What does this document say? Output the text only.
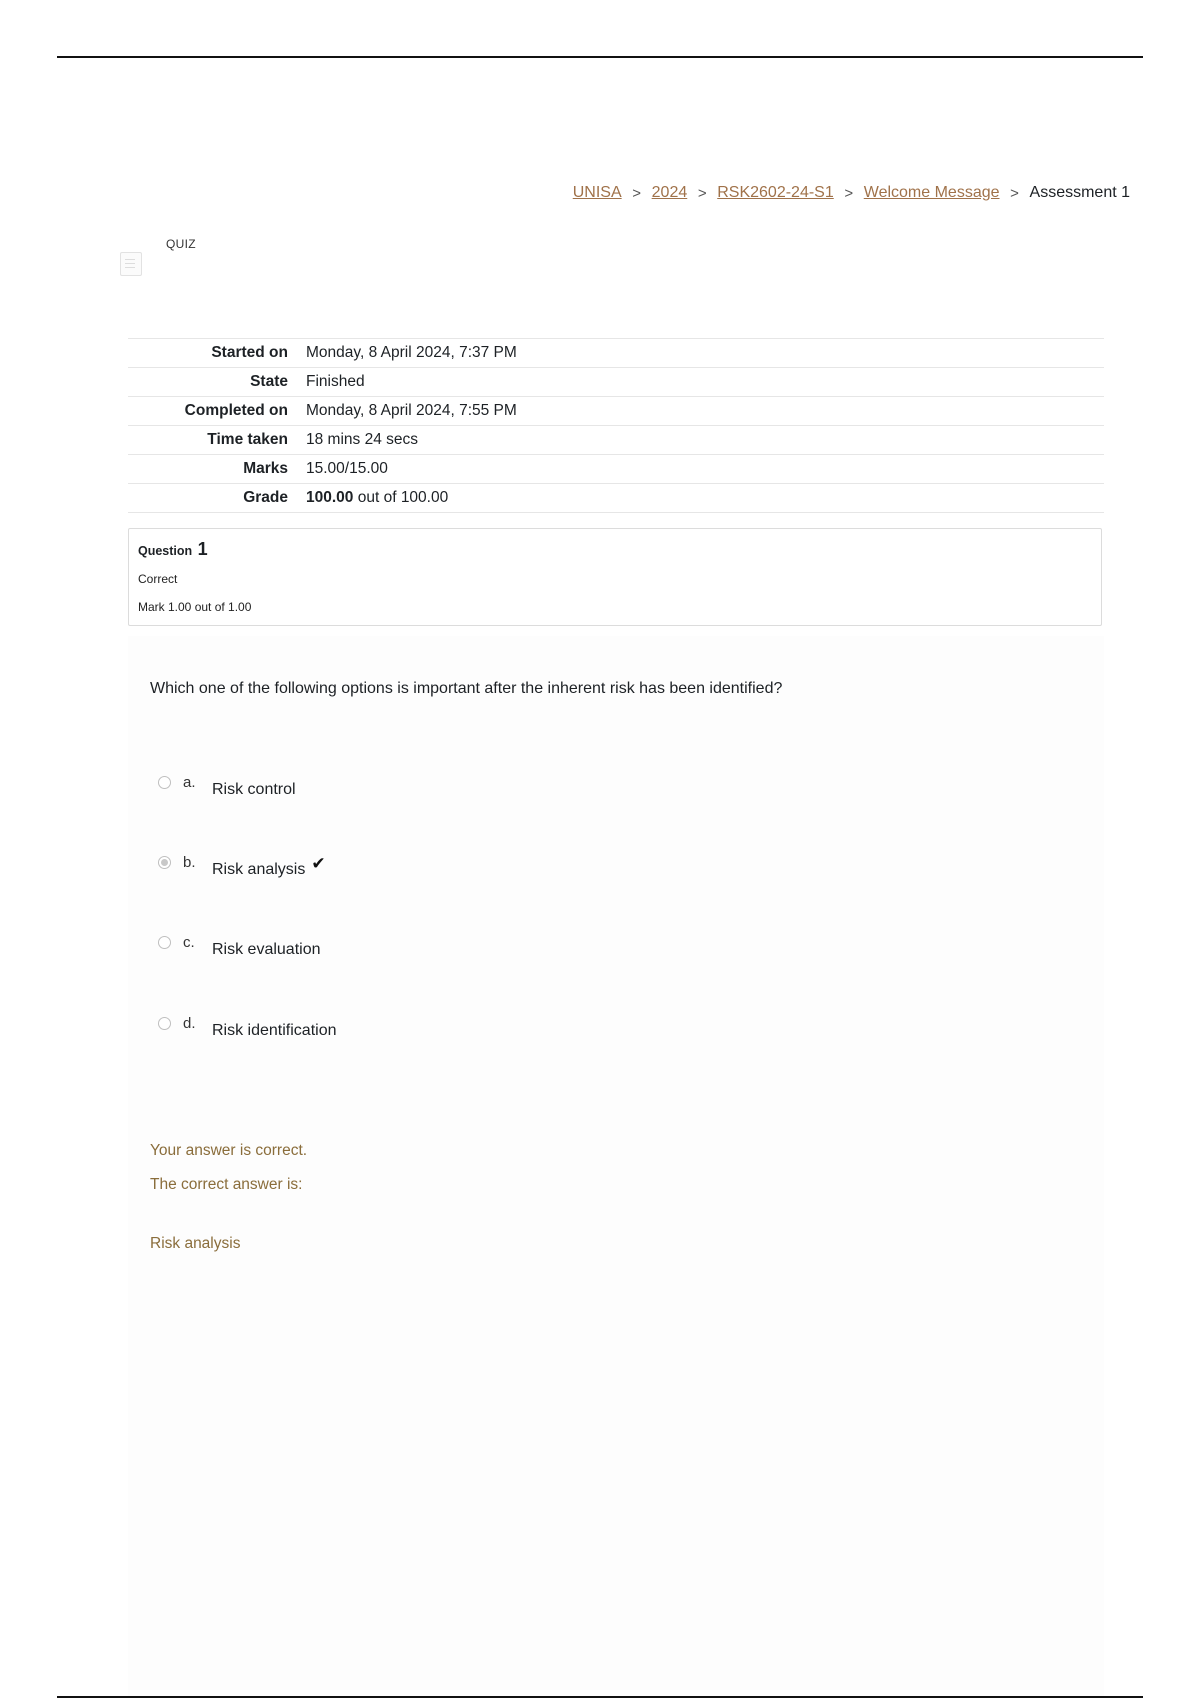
UNISA > 2024 > RSK2602-24-S1 > Welcome Message > Assessment 1
QUIZ
Started on	Monday, 8 April 2024, 7:37 PM
State	Finished
Completed on	Monday, 8 April 2024, 7:55 PM
Time taken	18 mins 24 secs
Marks	15.00/15.00
Grade	100.00 out of 100.00
Question 1
Correct
Mark 1.00 out of 1.00
Which one of the following options is important after the inherent risk has been identified?
a.	Risk control
b.	Risk analysis ✔
c.	Risk evaluation
d.	Risk identification
Your answer is correct.
The correct answer is:
Risk analysis
